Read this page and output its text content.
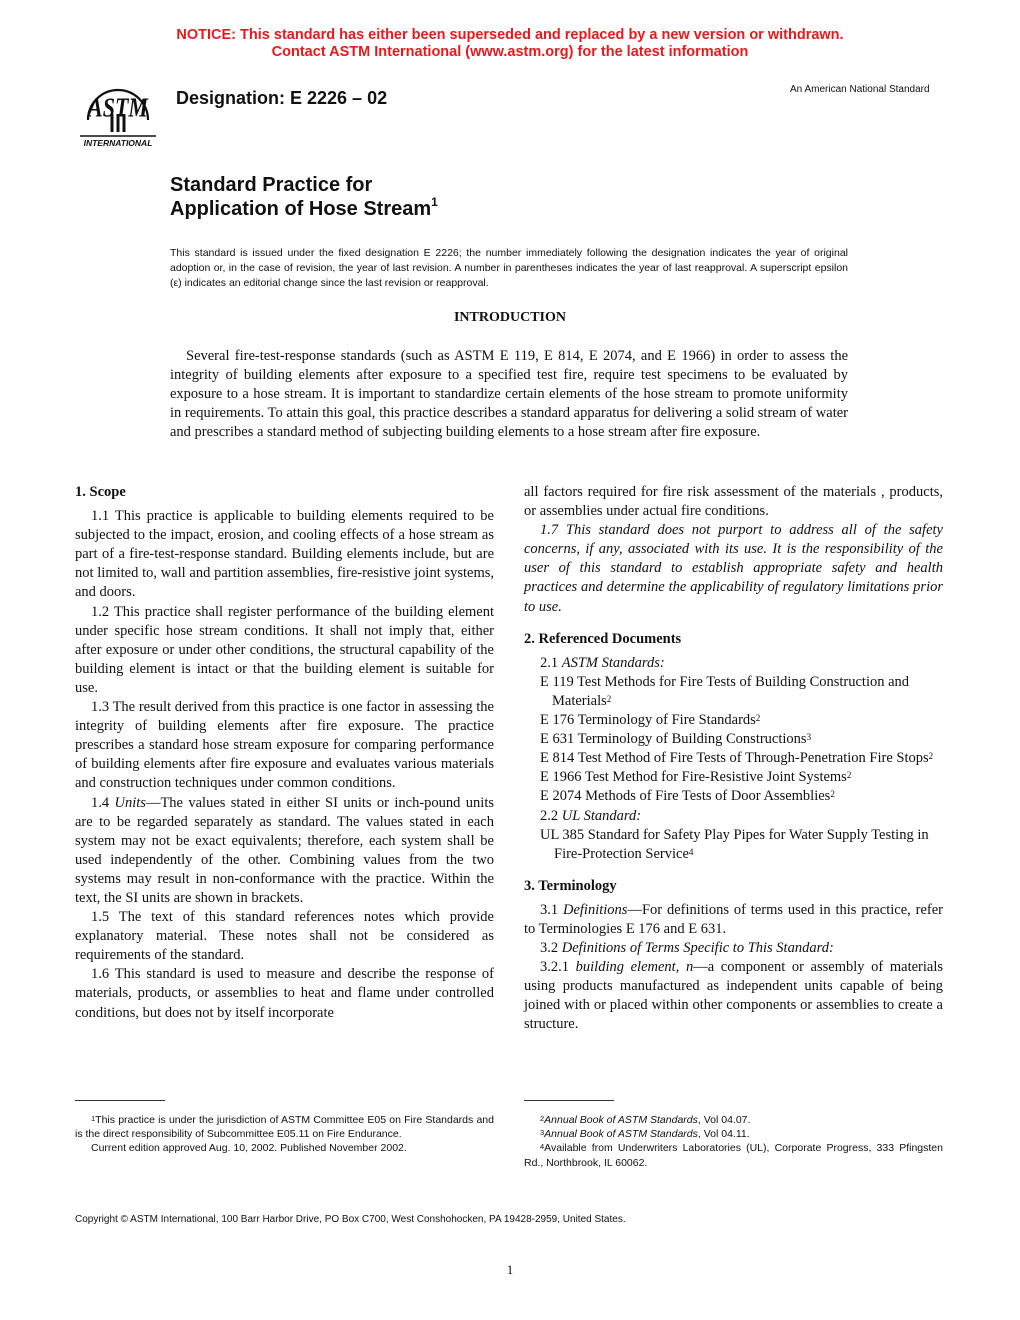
NOTICE: This standard has either been superseded and replaced by a new version or withdrawn.
Contact ASTM International (www.astm.org) for the latest information
ASTM
INTERNATIONAL
Designation: E 2226 – 02	An American National Standard
Standard Practice for
Application of Hose Stream$^1$
This standard is issued under the fixed designation E 2226; the number immediately following the designation indicates the year of original adoption or, in the case of revision, the year of last revision. A number in parentheses indicates the year of last reapproval. A superscript epsilon (ε) indicates an editorial change since the last revision or reapproval.
INTRODUCTION
Several fire-test-response standards (such as ASTM E 119, E 814, E 2074, and E 1966) in order to assess the integrity of building elements after exposure to a specified test fire, require test specimens to be evaluated by exposure to a hose stream. It is important to standardize certain elements of the hose stream to promote uniformity in requirements. To attain this goal, this practice describes a standard apparatus for delivering a solid stream of water and prescribes a standard method of subjecting building elements to a hose stream after fire exposure.

1. Scope

1.1 This practice is applicable to building elements required to be subjected to the impact, erosion, and cooling effects of a hose stream as part of a fire-test-response standard. Building elements include, but are not limited to, wall and partition assemblies, fire-resistive joint systems, and doors.

1.2 This practice shall register performance of the building element under specific hose stream conditions. It shall not imply that, either after exposure or under other conditions, the structural capability of the building element is intact or that the building element is suitable for use.

1.3 The result derived from this practice is one factor in assessing the integrity of building elements after fire exposure. The practice prescribes a standard hose stream exposure for comparing performance of building elements after fire exposure and evaluates various materials and construction techniques under common conditions.

1.4 Units—The values stated in either SI units or inch-pound units are to be regarded separately as standard. The values stated in each system may not be exact equivalents; therefore, each system shall be used independently of the other. Combining values from the two systems may result in non-conformance with the practice. Within the text, the SI units are shown in brackets.

1.5 The text of this standard references notes which provide explanatory material. These notes shall not be considered as requirements of the standard.

1.6 This standard is used to measure and describe the response of materials, products, or assemblies to heat and flame under controlled conditions, but does not by itself incorporate

all factors required for fire risk assessment of the materials , products, or assemblies under actual fire conditions.

1.7 This standard does not purport to address all of the safety concerns, if any, associated with its use. It is the responsibility of the user of this standard to establish appropriate safety and health practices and determine the applicability of regulatory limitations prior to use.

2. Referenced Documents

2.1 ASTM Standards:

E 119 Test Methods for Fire Tests of Building Construction and Materials$^2$

E 176 Terminology of Fire Standards$^2$

E 631 Terminology of Building Constructions$^3$

E 814 Test Method of Fire Tests of Through-Penetration Fire Stops$^2$

E 1966 Test Method for Fire-Resistive Joint Systems$^2$

E 2074 Methods of Fire Tests of Door Assemblies$^2$

2.2 UL Standard:

UL 385 Standard for Safety Play Pipes for Water Supply Testing in Fire-Protection Service$^4$

3. Terminology

3.1 Definitions—For definitions of terms used in this practice, refer to Terminologies E 176 and E 631.

3.2 Definitions of Terms Specific to This Standard:

3.2.1 building element, n—a component or assembly of materials using products manufactured as independent units capable of being joined with or placed within other components or assemblies to create a structure.

$^1$This practice is under the jurisdiction of ASTM Committee E05 on Fire Standards and is the direct responsibility of Subcommittee E05.11 on Fire Endurance.

Current edition approved Aug. 10, 2002. Published November 2002.

$^2$Annual Book of ASTM Standards, Vol 04.07.

$^3$Annual Book of ASTM Standards, Vol 04.11.

$^4$Available from Underwriters Laboratories (UL), Corporate Progress, 333 Pfingsten Rd., Northbrook, IL 60062.

Copyright © ASTM International, 100 Barr Harbor Drive, PO Box C700, West Conshohocken, PA 19428-2959, United States.
1
